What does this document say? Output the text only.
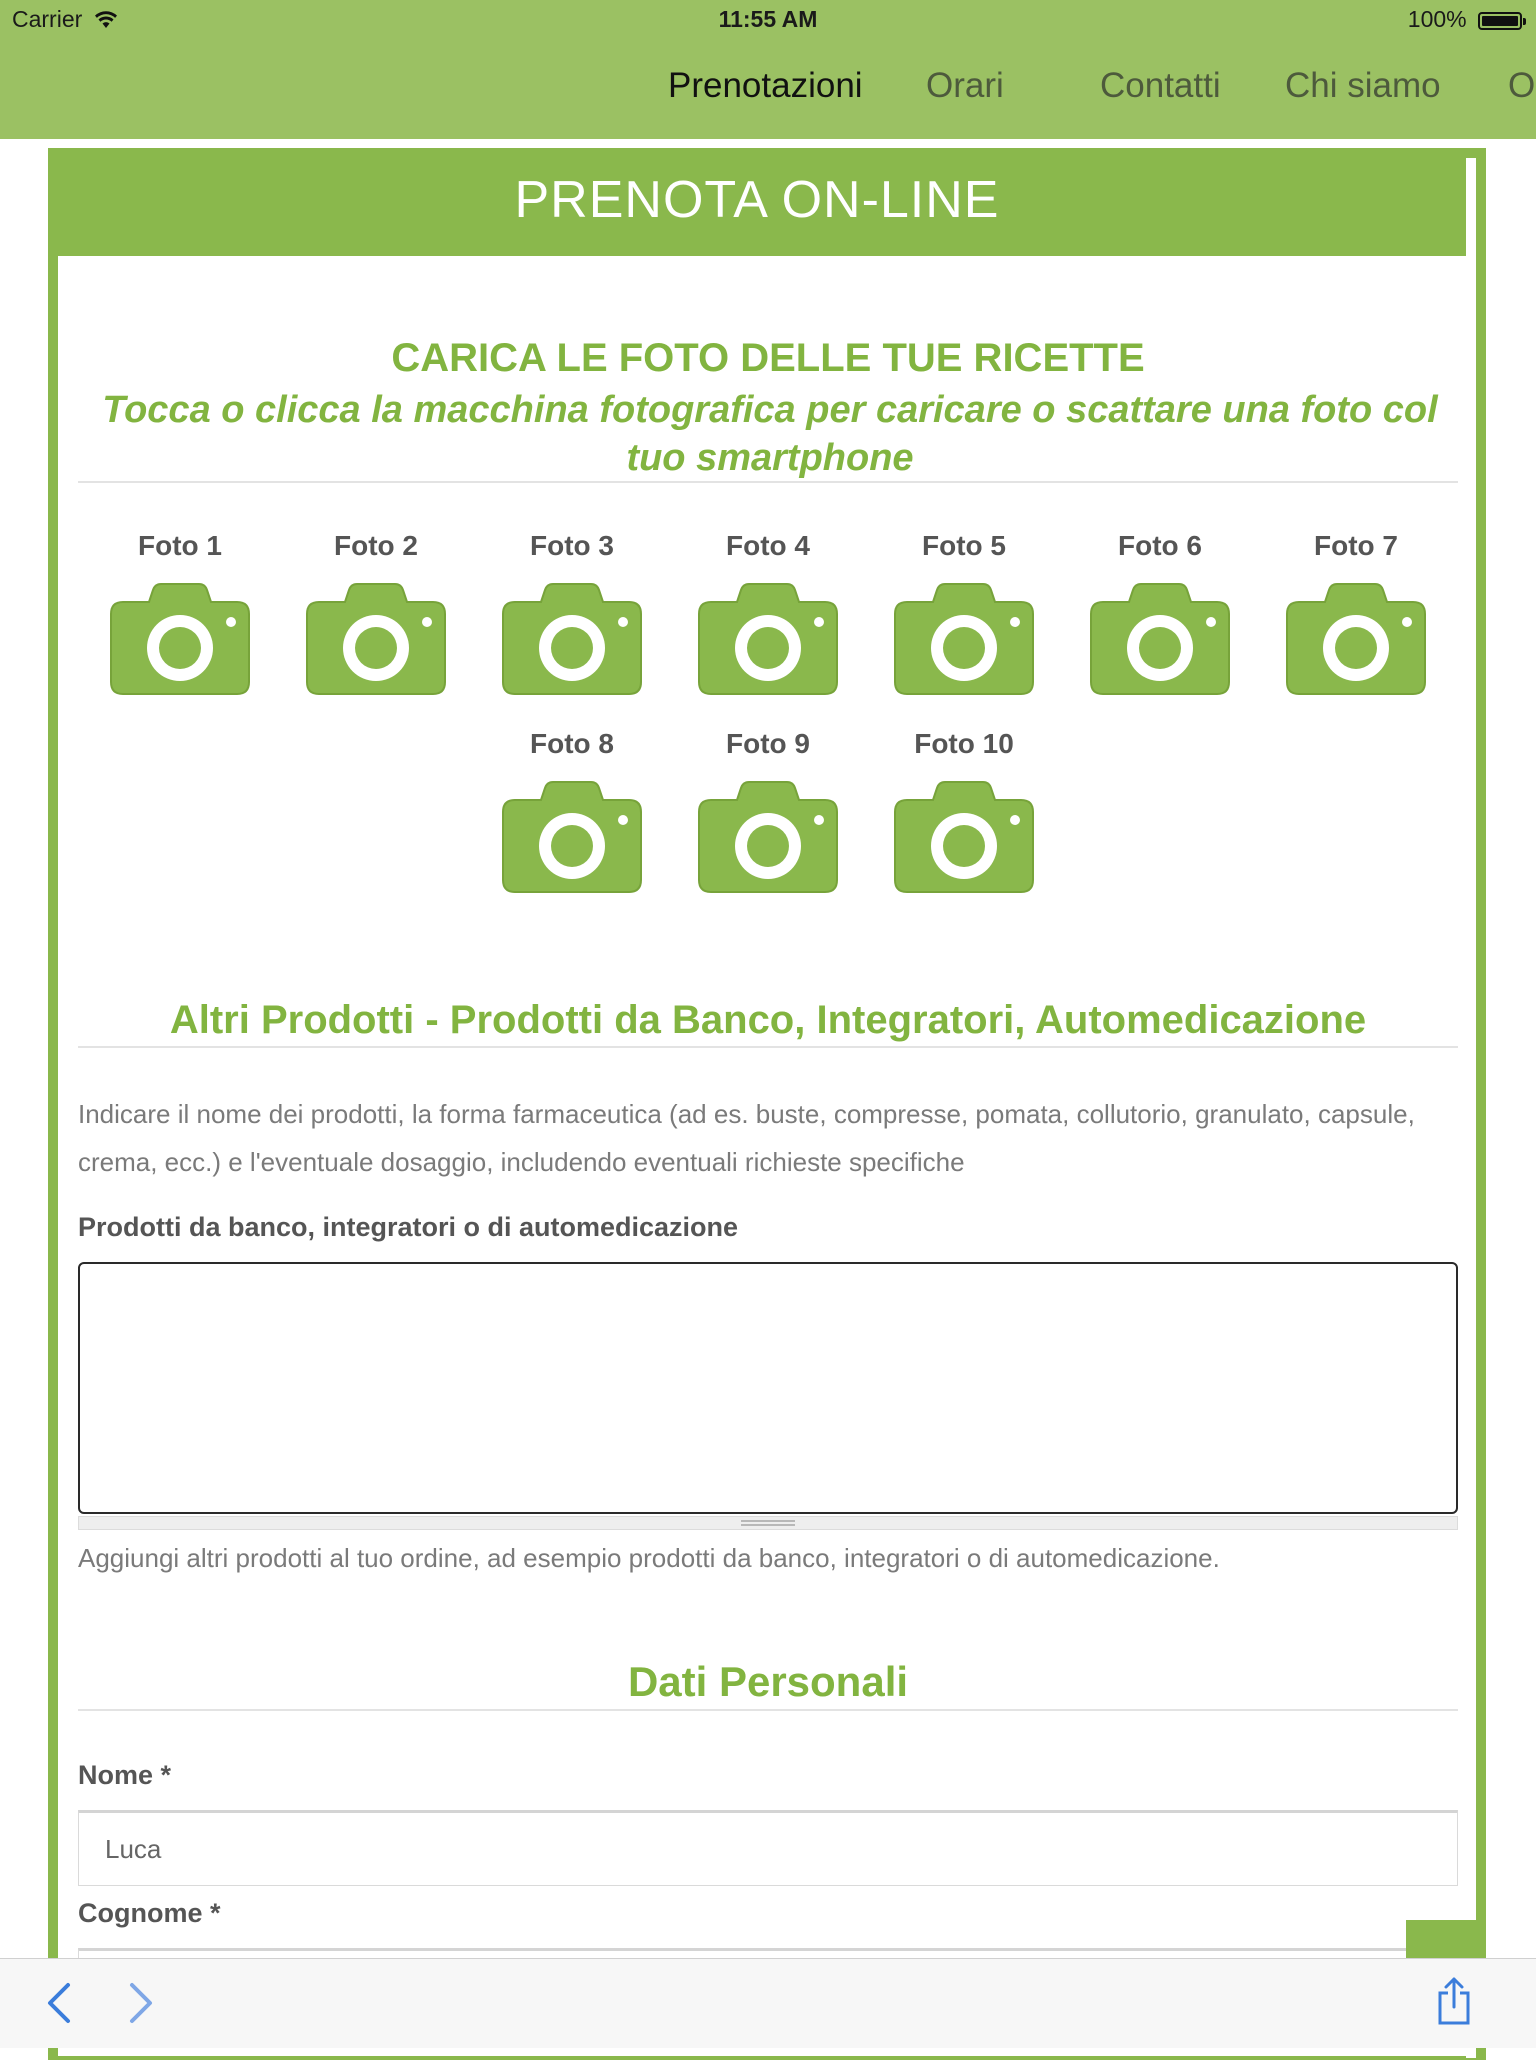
Carrier	11:55 AM	100%
Prenotazioni Orari	Contatti Chi siamo O
PRENOTA ON-LINE
CARICA LE FOTO DELLE TUE RICETTE
Tocca o clicca la macchina fotografica per caricare o scattare una foto col tuo smartphone
Foto 1	Foto 2	Foto 3	Foto 4	Foto 5	Foto 6	Foto 7
Foto 8	Foto 9	Foto 10
Altri Prodotti - Prodotti da Banco, Integratori, Automedicazione
Indicare il nome dei prodotti, la forma farmaceutica (ad es. buste, compresse, pomata, collutorio, granulato, capsule, crema, ecc.) e l'eventuale dosaggio, includendo eventuali richieste specifiche
Prodotti da banco, integratori o di automedicazione
Aggiungi altri prodotti al tuo ordine, ad esempio prodotti da banco, integratori o di automedicazione.
Dati Personali
Nome *
Luca
Cognome *
